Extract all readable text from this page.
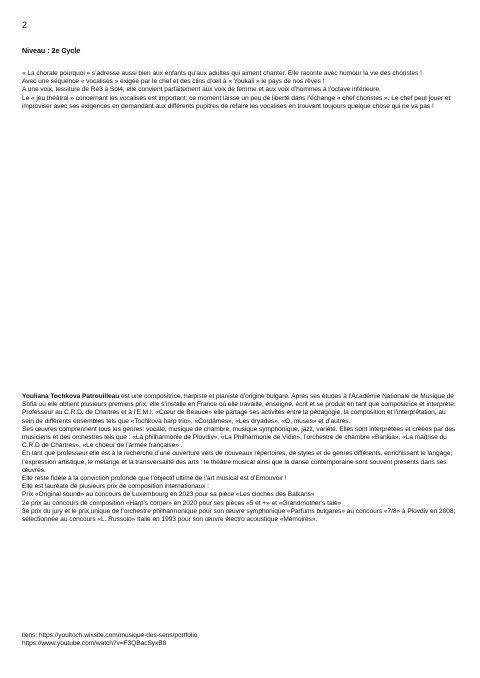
2
Niveau : 2e Cycle

« La chorale pourquoi » s’adresse aussi bien aux enfants qu’aux adultes qui aiment chanter. Elle raconte avec humour la vie des choristes !

Avec une séquence « vocalises » exigée par le chef et des clins d’œil à « Youkali » le pays de nos rêves !

A une voix, tessiture de Ré3 à Sol4, elle convient parfaitement aux voix de femme et aux voix d’hommes à l’octave inférieure.

Le « jeu théâtral » concernant les vocalises est important: ce moment laisse un peu de liberté dans l’échange « chef choristes ». Le chef peut jouer et improviser avec ses exigences en demandant aux différents pupitres de refaire les vocalises en trouvant toujours quelque chose qui ne va pas !

Youliana Tochkova Patrouilleau est une compositrice, harpiste et pianiste d’origine bulgare. Après ses études à l’Académie Nationale de Musique de Sofia où elle obtient plusieurs premiers prix, elle s’installe en France où elle travaille, enseigne, écrit et se produit en tant que compositrice et interprète.

Professeur au C.R.D. de Chartres et à l’E.M.I. «Cœur de Beauce» elle partage ses activités entre la pédagogie, la composition et l’interprétation, au sein de différents ensembles tels que «Tochkova harp trio», «Cordâmes», «Les dryades», «O, muses» et d’autres.

Ses œuvres comprennent tous les genres: vocale, musique de chambre, musique symphonique, jazz, variété. Elles sont interprétées et créées par des musiciens et des orchestres tels que : «La philharmonie de Plovdiv», «La Philharmonie de Vidin», l’orchestre de chambre «Bankia», «La maîtrise du C.R.D de Chartres», «Le choeur de l’armée française» .

En tant que professeur elle est à la recherche d’une ouverture vers de nouveaux répertoires, de styles et de genres différents, enrichissant le langage, l’expression artistique, le mélange et la transversalité des arts : le théâtre musical ainsi que la danse contemporaine sont souvent présents dans ses œuvres.

Elle reste fidèle à la conviction profonde que l’objectif ultime de l’art musical est d’Emouvoir !

Elle est lauréate de plusieurs prix de composition internationaux :

Prix «Original sound» au concours de Luxembourg en 2023 pour sa pièce «Les cloches des Balkans»

2e prix au concours de composition «Harp’s corner» en 2020 pour ses pièces «5 et +» et «Grandmother’s tale»

3e prix du jury et le prix unique de l’orchestre philharmonique pour son œuvre symphonique «Parfums bulgares» au concours «7/8» à Plovdiv en 2008;

sélectionnée au concours «L. Russolo» Italie en 1993 pour son œuvre électro acoustique «Mémoires».

liens: https://youltoch.wixsite.com/musique-des-sens/portfolio

https://www.youtube.com/watch?v=F3QBacSyxB8
